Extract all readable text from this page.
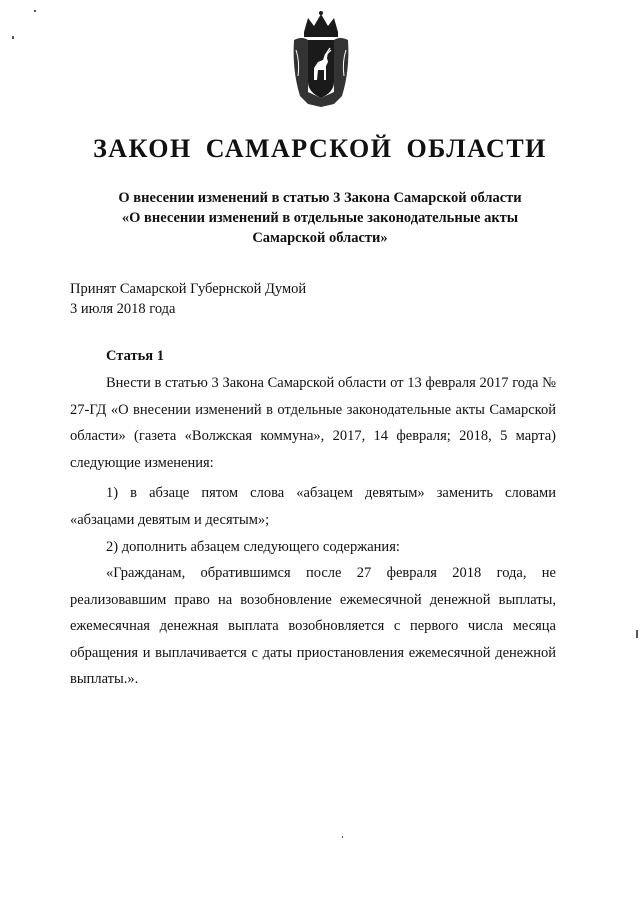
ЗАКОН САМАРСКОЙ ОБЛАСТИ
О внесении изменений в статью 3 Закона Самарской области
«О внесении изменений в отдельные законодательные акты
Самарской области»
Принят Самарской Губернской Думой
3 июля 2018 года
Статья 1
Внести в статью 3 Закона Самарской области от 13 февраля 2017 года № 27-ГД «О внесении изменений в отдельные законодательные акты Самарской области» (газета «Волжская коммуна», 2017, 14 февраля; 2018, 5 марта) следующие изменения:
1) в абзаце пятом слова «абзацем девятым» заменить словами «абзацами девятым и десятым»;
2) дополнить абзацем следующего содержания:
«Гражданам, обратившимся после 27 февраля 2018 года, не реализовавшим право на возобновление ежемесячной денежной выплаты, ежемесячная денежная выплата возобновляется с первого числа месяца обращения и выплачивается с даты приостановления ежемесячной денежной выплаты.».
